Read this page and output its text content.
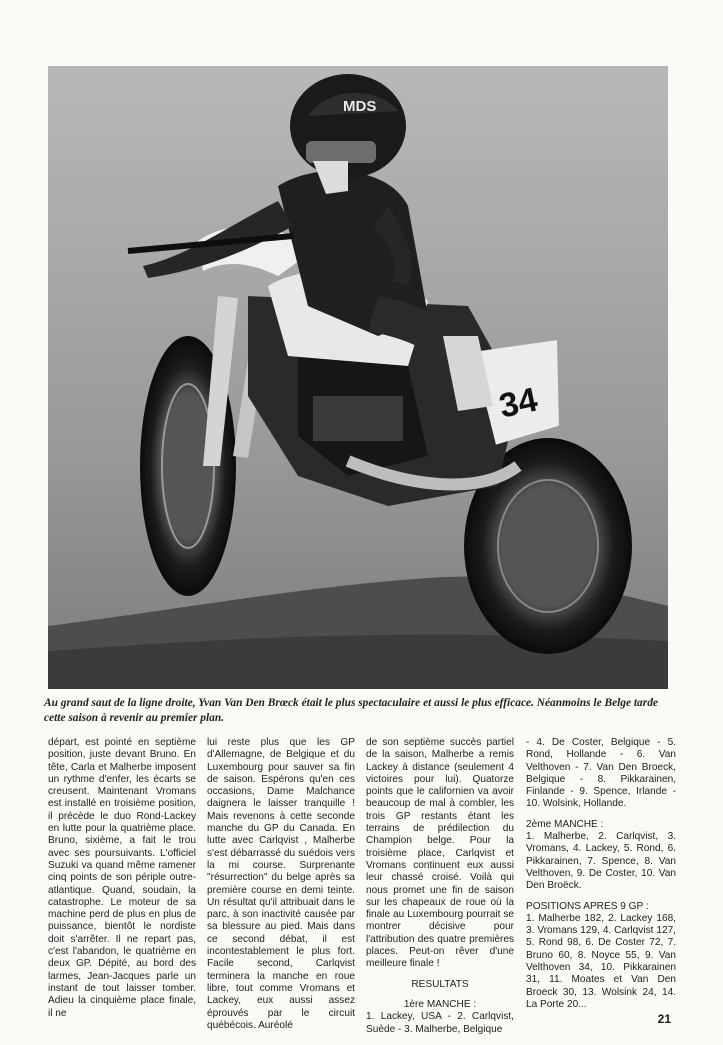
34
MDS
Au grand saut de la ligne droite, Yvan Van Den Brœck était le plus spectaculaire et aussi le plus efficace. Néanmoins le Belge tarde
cette saison à revenir au premier plan.

départ, est pointé en septième position, juste devant Bruno. En tête, Carla et Malherbe imposent un rythme d'enfer, les écarts se creusent. Maintenant Vromans est installé en troisième position, il précède le duo Rond-Lackey en lutte pour la quatrième place. Bruno, sixième, a fait le trou avec ses poursuivants. L'officiel Suzuki va quand même ramener cinq points de son périple outre-atlantique. Quand, soudain, la catastrophe. Le moteur de sa machine perd de plus en plus de puissance, bientôt le nordiste doit s'arrêter. Il ne repart pas, c'est l'abandon, le quatrième en deux GP. Dépité, au bord des larmes, Jean-Jacques parle un instant de tout laisser tomber. Adieu la cinquième place finale, il ne

lui reste plus que les GP d'Allemagne, de Belgique et du Luxembourg pour sauver sa fin de saison. Espérons qu'en ces occasions, Dame Malchance daignera le laisser tranquille ! Mais revenons à cette seconde manche du GP du Canada. En lutte avec Carlqvist , Malherbe s'est débarrassé du suédois vers la mi course. Surprenante "résurrection" du belge après sa première course en demi teinte. Un résultat qu'il attribuait dans le parc, à son inactivité causée par sa blessure au pied. Mais dans ce second débat, il est incontestablement le plus fort. Facile second, Carlqvist terminera la manche en roue libre, tout comme Vromans et Lackey, eux aussi assez éprouvés par le circuit québécois. Auréolé

de son septième succès partiel de la saison, Malherbe a remis Lackey à distance (seulement 4 victoires pour lui). Quatorze points que le californien va avoir beaucoup de mal à combler, les trois GP restants étant les terrains de prédilection du Champion belge. Pour la troisième place, Carlqvist et Vromans continuent eux aussi leur chassé croisé. Voilà qui nous promet une fin de saison sur les chapeaux de roue où la finale au Luxembourg pourrait se montrer décisive pour l'attribution des quatre premières places. Peut-on rêver d'une meilleure finale !

RESULTATS

1ère MANCHE :

1. Lackey, USA - 2. Carlqvist, Suède - 3. Malherbe, Belgique

- 4. De Coster, Belgique - 5. Rond, Hollande - 6. Van Velthoven - 7. Van Den Broeck, Belgique - 8. Pikkarainen, Finlande - 9. Spence, Irlande - 10. Wolsink, Hollande.

2ème MANCHE :

1. Malherbe, 2. Carlqvist, 3. Vromans, 4. Lackey, 5. Rond, 6. Pikkarainen, 7. Spence, 8. Van Velthoven, 9. De Coster, 10. Van Den Broëck.

POSITIONS APRES 9 GP :

1. Malherbe 182, 2. Lackey 168, 3. Vromans 129, 4. Carlqvist 127, 5. Rond 98, 6. De Coster 72, 7. Bruno 60, 8. Noyce 55, 9. Van Velthoven 34, 10. Pikkarainen 31, 11. Moates et Van Den Broeck 30, 13. Wolsink 24, 14. La Porte 20...

21
